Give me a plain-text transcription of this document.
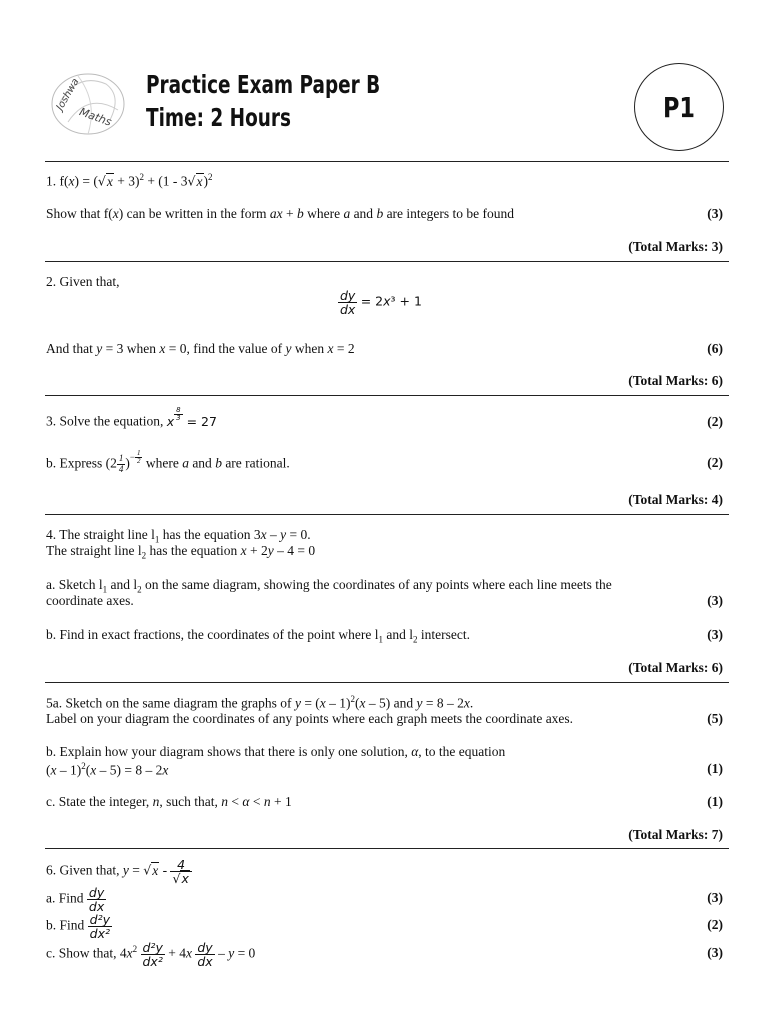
Joshwa
Maths
Practice Exam Paper B
Time: 2 Hours	P1
1. $f(x) = (√x + 3)^2 + (1 - 3√x)^2$
Show that f(x) can be written in the form ax + b where a and b are integers to be found	(3)
(Total Marks: 3)
2. Given that,
$\frac{dy}{dx} = 2x^3 + 1$
And that y = 3 when x = 0, find the value of y when x = 2	(6)
(Total Marks: 6)
3. Solve the equation, x $^{\frac{8}{3}}$ = 27	(2)
b. Express $(2 \frac{1}{4} )^{- \frac{1}{2}}$ where a and b are rational.	(2)
(Total Marks: 4)
4. The straight line $l_1$ has the equation 3x – y = 0.
The straight line $l_2$ has the equation x + 2y – 4 = 0
a. Sketch $l_1$ and $l_2$ on the same diagram, showing the coordinates of any points where each line meets the
coordinate axes.	(3)
b. Find in exact fractions, the coordinates of the point where $l_1$ and $l_2$ intersect.	(3)
(Total Marks: 6)
5a. Sketch on the same diagram the graphs of y = (x – 1)$^2$(x – 5) and y = 8 – 2x.
Label on your diagram the coordinates of any points where each graph meets the coordinate axes.	(5)
b. Explain how your diagram shows that there is only one solution, α, to the equation
(x – 1)$^2$(x – 5) = 8 – 2x	(1)
c. State the integer, n, such that, n < α < n + 1	(1)
(Total Marks: 7)
6. Given that, $y = √x - \frac{4}{√x}$
a. Find $\frac{dy}{dx}$	(3)
b. Find $\frac{\text{d²y}}{\text{dx²}}$	(2)
c. Show that, $4x^2 \frac{\text{d²y}}{\text{dx²}} + 4x \frac{dy}{dx} - y = 0$	(3)
